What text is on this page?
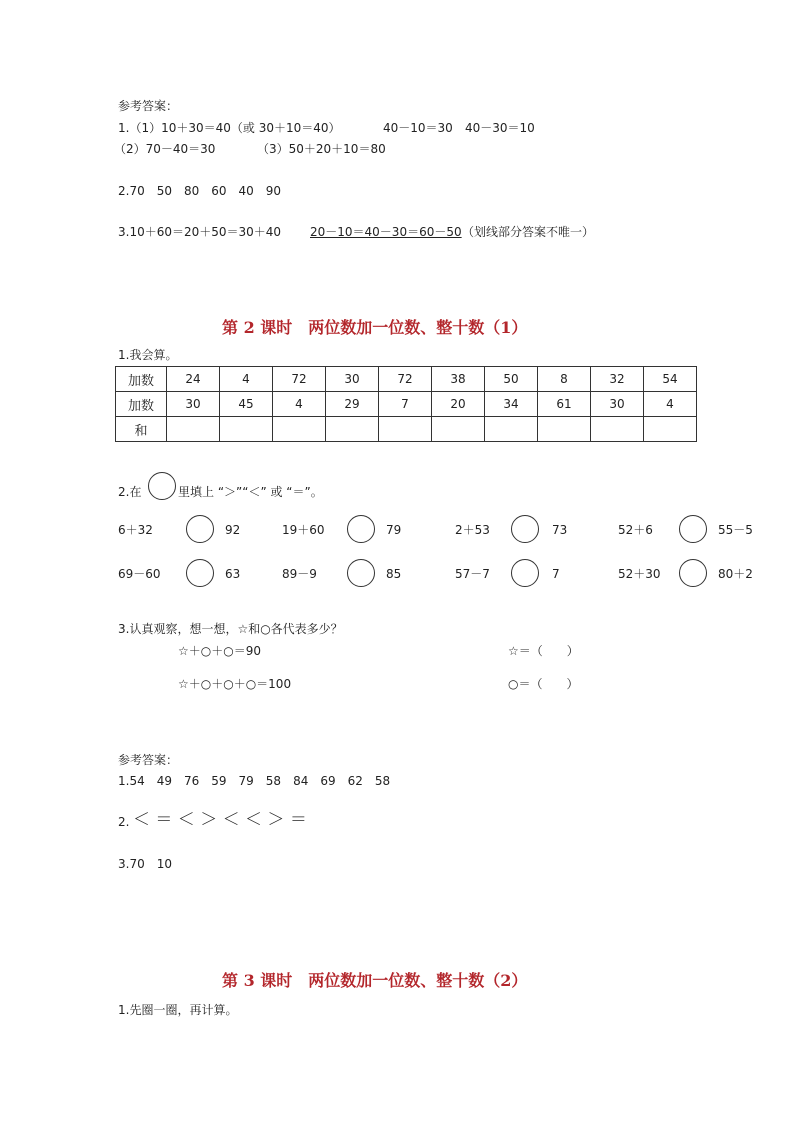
参考答案：
1.（1）10＋30＝40（或 30＋10＝40）	40－10＝30 40－30＝10
（2）70－40＝30	（3）50＋20＋10＝80
2.70　50　80　60　40　90
3.10＋60＝20＋50＝30＋40 20－10＝40－30＝60－50 （划线部分答案不唯一）
第 2 课时　两位数加一位数、整十数（1）
1.我会算。
加数	24	4	72	30	72	38	50	8	32	54
加数	30	45	4	29	7	20	34	61	30	4
和										
2.在	里填上 “＞”“＜” 或 “＝”。
6＋32	92	19＋60	79	2＋53	73	52＋6	55－5
69－60	63	89－9	85	57－7	7	52＋30	80＋2
3.认真观察，想一想，☆和○各代表多少？
☆＋○＋○＝90
☆＋○＋○＋○＝100
☆＝（　　）
○＝（　　）
参考答案：
1.54　49　76　59　79　58　84　69　62　58
2. ＜ ＝ ＜ ＞ ＜ ＜ ＞ ＝
3.70　10
第 3 课时　两位数加一位数、整十数（2）
1.先圈一圈，再计算。
